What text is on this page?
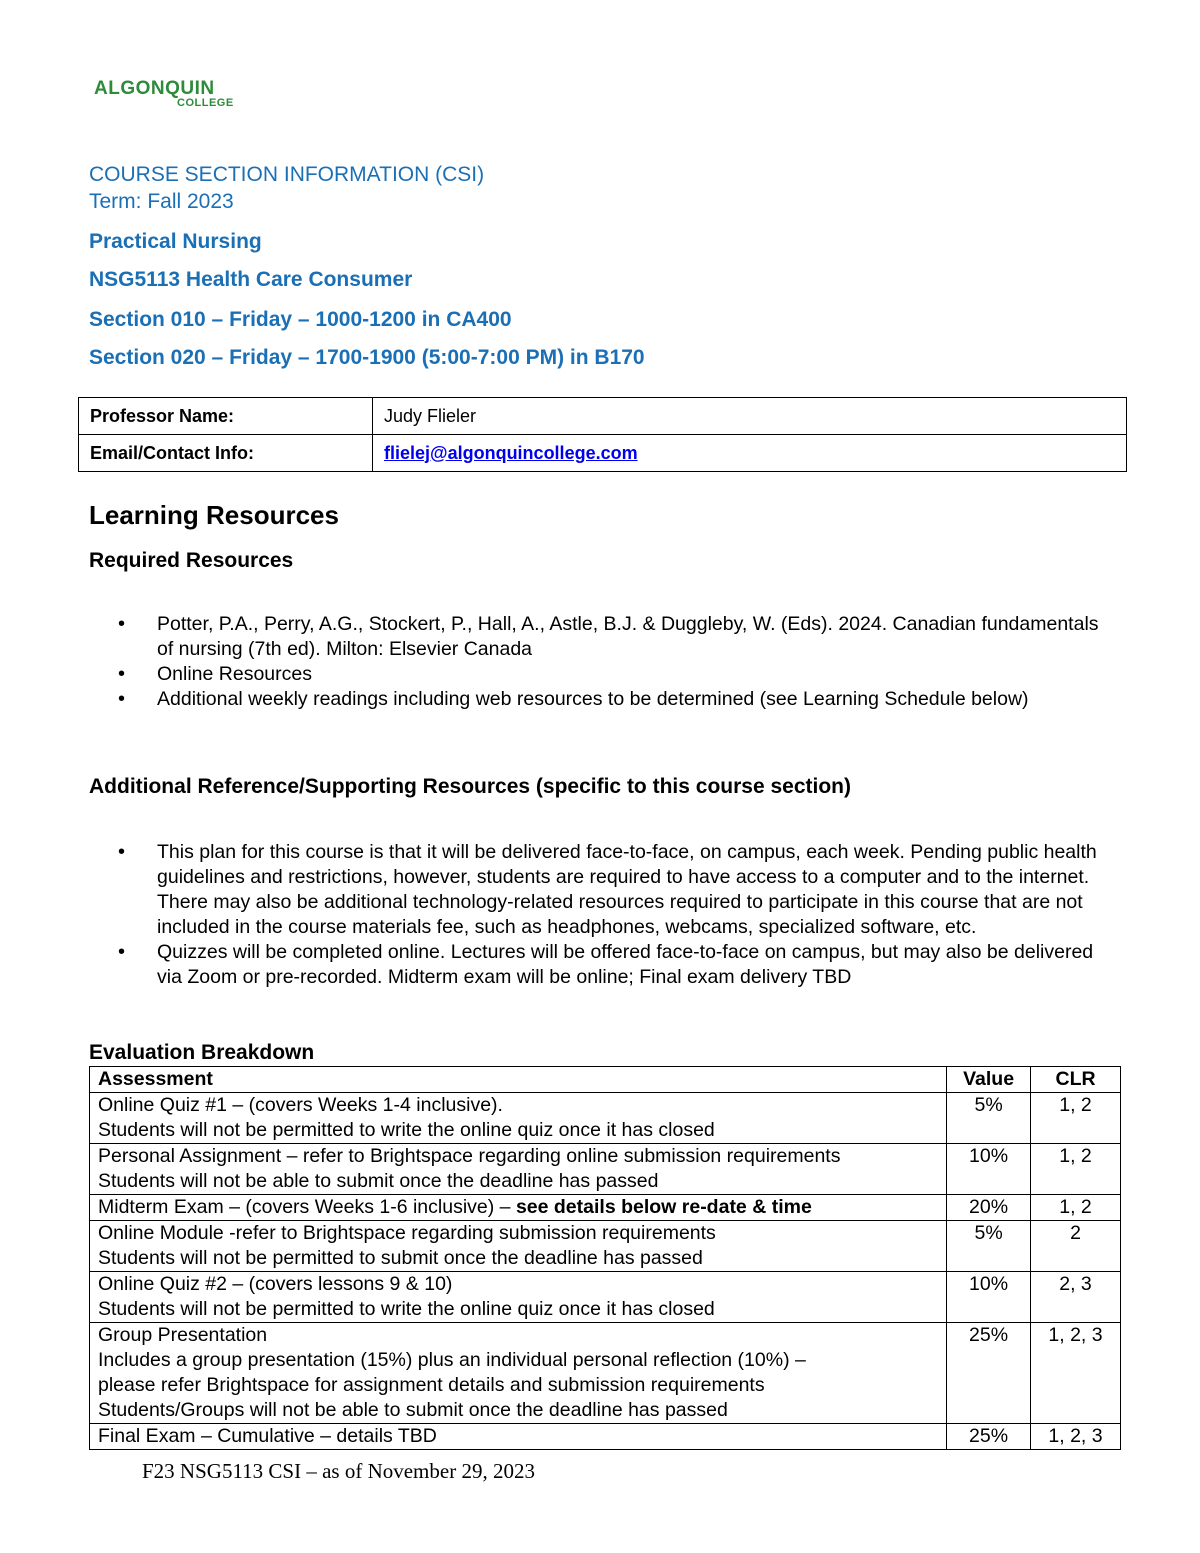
ALGONQUIN
COLLEGE
COURSE SECTION INFORMATION (CSI)
Term: Fall 2023
Practical Nursing
NSG5113 Health Care Consumer
Section 010 – Friday – 1000-1200 in CA400
Section 020 – Friday – 1700-1900 (5:00-7:00 PM) in B170
Professor Name:	Judy Flieler
Email/Contact Info:	flielej@algonquincollege.com
Learning Resources
Required Resources
• Potter, P.A., Perry, A.G., Stockert, P., Hall, A., Astle, B.J. & Duggleby, W. (Eds). 2024. Canadian fundamentals of nursing (7th ed). Milton: Elsevier Canada
• Online Resources
• Additional weekly readings including web resources to be determined (see Learning Schedule below)
Additional Reference/Supporting Resources (specific to this course section)
• This plan for this course is that it will be delivered face-to-face, on campus, each week. Pending public health guidelines and restrictions, however, students are required to have access to a computer and to the internet. There may also be additional technology-related resources required to participate in this course that are not included in the course materials fee, such as headphones, webcams, specialized software, etc.
• Quizzes will be completed online. Lectures will be offered face-to-face on campus, but may also be delivered via Zoom or pre-recorded. Midterm exam will be online; Final exam delivery TBD
Evaluation Breakdown
Assessment	Value	CLR

Online Quiz #1 – (covers Weeks 1-4 inclusive).
Students will not be permitted to write the online quiz once it has closed	5%	1, 2

Personal Assignment – refer to Brightspace regarding online submission requirements
Students will not be able to submit once the deadline has passed	10%	1, 2
Midterm Exam – (covers Weeks 1-6 inclusive) – see details below re-date & time	20%	1, 2

Online Module -refer to Brightspace regarding submission requirements
Students will not be permitted to submit once the deadline has passed	5%	2

Online Quiz #2 – (covers lessons 9 & 10)
Students will not be permitted to write the online quiz once it has closed	10%	2, 3

Group Presentation
Includes a group presentation (15%) plus an individual personal reflection (10%) –
please refer Brightspace for assignment details and submission requirements
Students/Groups will not be able to submit once the deadline has passed	25%	1, 2, 3

Final Exam – Cumulative – details TBD	25%	1, 2, 3
F23 NSG5113 CSI – as of November 29, 2023
